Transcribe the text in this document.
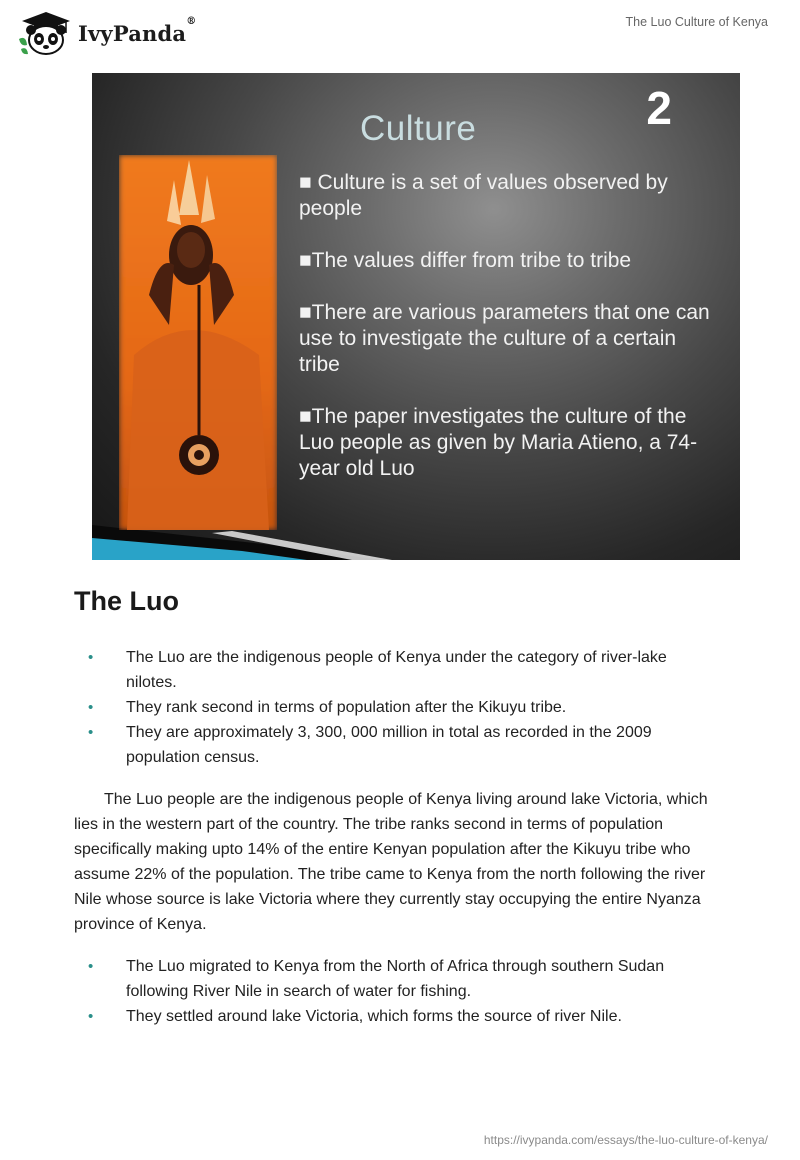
IvyPanda®	The Luo Culture of Kenya
2
Culture
■ Culture is a set of values observed by people
■The values differ from tribe to tribe
■There are various parameters that one can use to investigate the culture of a certain tribe
■The paper investigates the culture of the Luo people as given by Maria Atieno, a 74-year old Luo
The Luo
• The Luo are the indigenous people of Kenya under the category of river-lake nilotes.
• They rank second in terms of population after the Kikuyu tribe.
• They are approximately 3, 300, 000 million in total as recorded in the 2009 population census.

The Luo people are the indigenous people of Kenya living around lake Victoria, which lies in the western part of the country. The tribe ranks second in terms of population specifically making upto 14% of the entire Kenyan population after the Kikuyu tribe who assume 22% of the population. The tribe came to Kenya from the north following the river Nile whose source is lake Victoria where they currently stay occupying the entire Nyanza province of Kenya.

• The Luo migrated to Kenya from the North of Africa through southern Sudan following River Nile in search of water for fishing.
• They settled around lake Victoria, which forms the source of river Nile.
https://ivypanda.com/essays/the-luo-culture-of-kenya/
